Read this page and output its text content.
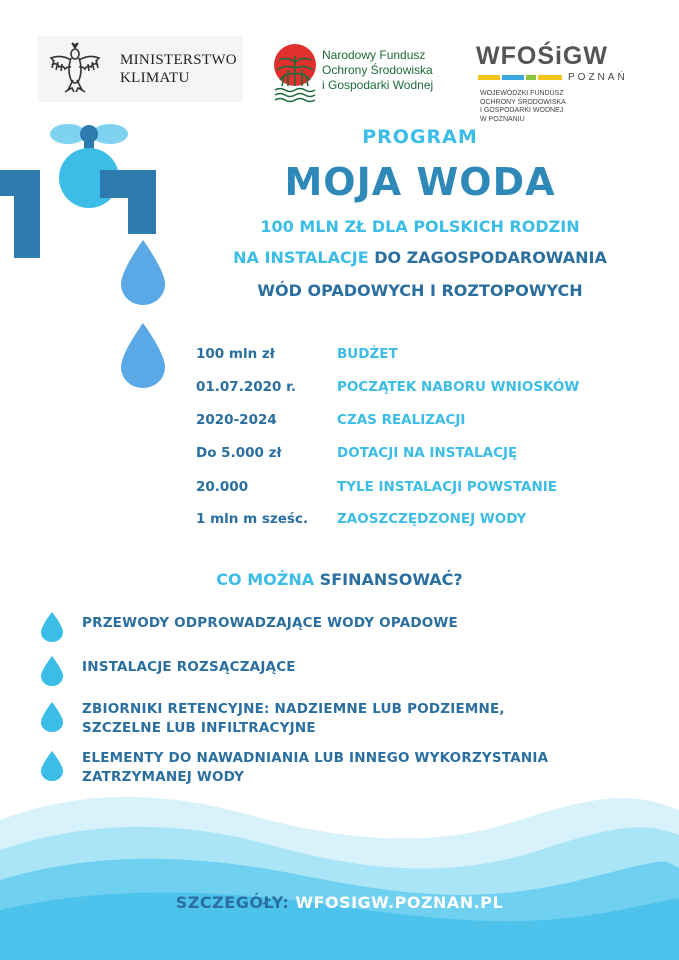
MINISTERSTWO
KLIMATU
Narodowy Fundusz
Ochrony Środowiska
i Gospodarki Wodnej
WFOŚiGW
POZNAŃ
WOJEWÓDZKI FUNDUSZ
OCHRONY ŚRODOWISKA
I GOSPODARKI WODNEJ
W POZNANIU
PROGRAM
MOJA WODA
100 MLN ZŁ DLA POLSKICH RODZIN
NA INSTALACJE DO ZAGOSPODAROWANIA
WÓD OPADOWYCH I ROZTOPOWYCH
100 mln zł	BUDŻET
01.07.2020 r.	POCZĄTEK NABORU WNIOSKÓW
2020-2024	CZAS REALIZACJI
Do 5.000 zł	DOTACJI NA INSTALACJĘ
20.000	TYLE INSTALACJI POWSTANIE
1 mln m sześc. ZAOSZCZĘDZONEJ WODY
CO MOŻNA SFINANSOWAĆ?
PRZEWODY ODPROWADZAJĄCE WODY OPADOWE
INSTALACJE ROZSĄCZAJĄCE
ZBIORNIKI RETENCYJNE: NADZIEMNE LUB PODZIEMNE,
SZCZELNE LUB INFILTRACYJNE
ELEMENTY DO NAWADNIANIA LUB INNEGO WYKORZYSTANIA
ZATRZYMANEJ WODY
SZCZEGÓŁY: WFOSIGW.POZNAN.PL
